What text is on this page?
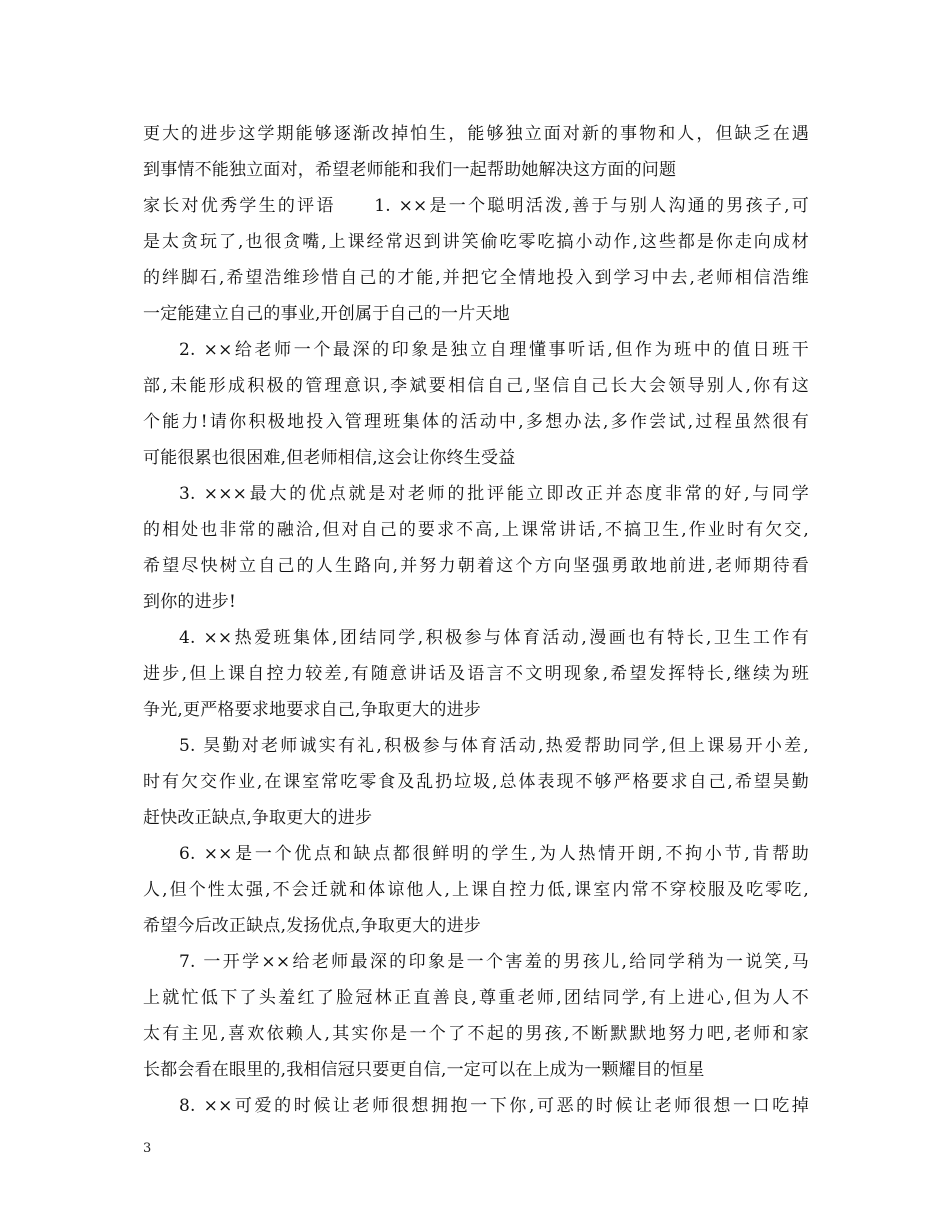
更大的进步这学期能够逐渐改掉怕生，能够独立面对新的事物和人，但缺乏在遇
到事情不能独立面对，希望老师能和我们一起帮助她解决这方面的问题
家长对优秀学生的评语　　1. ××是一个聪明活泼,善于与别人沟通的男孩子,可
是太贪玩了,也很贪嘴,上课经常迟到讲笑偷吃零吃搞小动作,这些都是你走向成材
的绊脚石,希望浩维珍惜自己的才能,并把它全情地投入到学习中去,老师相信浩维
一定能建立自己的事业,开创属于自己的一片天地
2. ××给老师一个最深的印象是独立自理懂事听话,但作为班中的值日班干
部,未能形成积极的管理意识,李斌要相信自己,坚信自己长大会领导别人,你有这
个能力!请你积极地投入管理班集体的活动中,多想办法,多作尝试,过程虽然很有
可能很累也很困难,但老师相信,这会让你终生受益
3. ×××最大的优点就是对老师的批评能立即改正并态度非常的好,与同学
的相处也非常的融洽,但对自己的要求不高,上课常讲话,不搞卫生,作业时有欠交,
希望尽快树立自己的人生路向,并努力朝着这个方向坚强勇敢地前进,老师期待看
到你的进步!
4. ××热爱班集体,团结同学,积极参与体育活动,漫画也有特长,卫生工作有
进步,但上课自控力较差,有随意讲话及语言不文明现象,希望发挥特长,继续为班
争光,更严格要求地要求自己,争取更大的进步
5. 昊勤对老师诚实有礼,积极参与体育活动,热爱帮助同学,但上课易开小差,
时有欠交作业,在课室常吃零食及乱扔垃圾,总体表现不够严格要求自己,希望昊勤
赶快改正缺点,争取更大的进步
6. ××是一个优点和缺点都很鲜明的学生,为人热情开朗,不拘小节,肯帮助
人,但个性太强,不会迁就和体谅他人,上课自控力低,课室内常不穿校服及吃零吃,
希望今后改正缺点,发扬优点,争取更大的进步
7. 一开学××给老师最深的印象是一个害羞的男孩儿,给同学稍为一说笑,马
上就忙低下了头羞红了脸冠林正直善良,尊重老师,团结同学,有上进心,但为人不
太有主见,喜欢依赖人,其实你是一个了不起的男孩,不断默默地努力吧,老师和家
长都会看在眼里的,我相信冠只要更自信,一定可以在上成为一颗耀目的恒星
8. ××可爱的时候让老师很想拥抱一下你,可恶的时候让老师很想一口吃掉
3
